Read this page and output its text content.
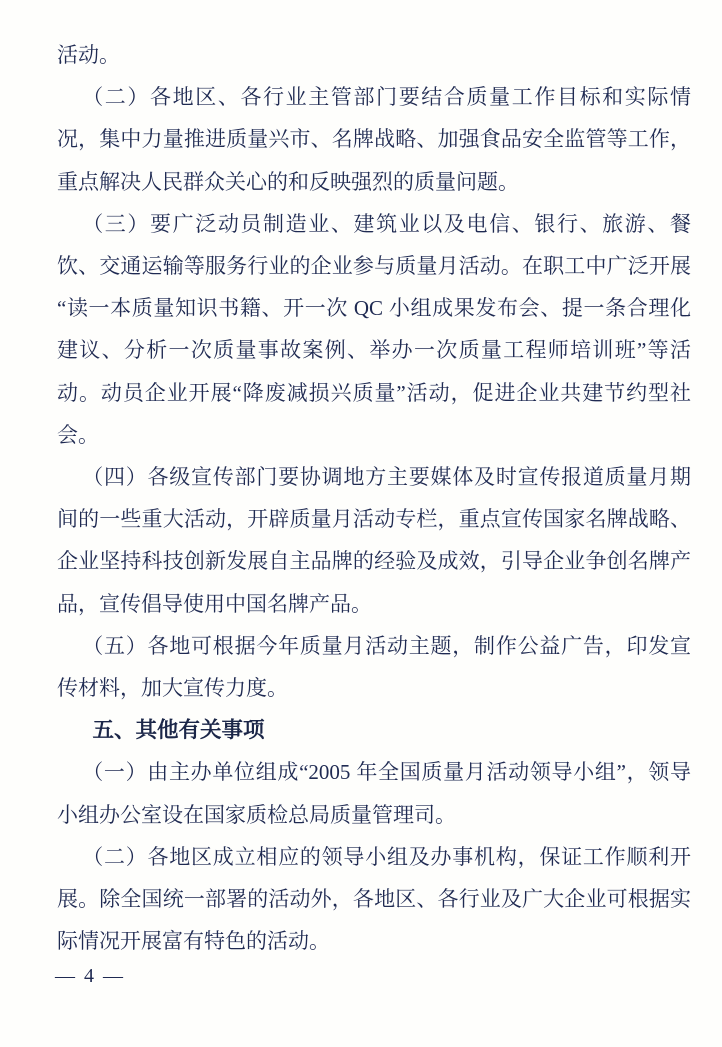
活动。

（二）各地区、各行业主管部门要结合质量工作目标和实际情况，集中力量推进质量兴市、名牌战略、加强食品安全监管等工作，重点解决人民群众关心的和反映强烈的质量问题。

（三）要广泛动员制造业、建筑业以及电信、银行、旅游、餐饮、交通运输等服务行业的企业参与质量月活动。在职工中广泛开展“读一本质量知识书籍、开一次 QC 小组成果发布会、提一条合理化建议、分析一次质量事故案例、举办一次质量工程师培训班”等活动。动员企业开展“降废减损兴质量”活动，促进企业共建节约型社会。

（四）各级宣传部门要协调地方主要媒体及时宣传报道质量月期间的一些重大活动，开辟质量月活动专栏，重点宣传国家名牌战略、企业坚持科技创新发展自主品牌的经验及成效，引导企业争创名牌产品，宣传倡导使用中国名牌产品。

（五）各地可根据今年质量月活动主题，制作公益广告，印发宣传材料，加大宣传力度。

五、其他有关事项

（一）由主办单位组成“2005 年全国质量月活动领导小组”，领导小组办公室设在国家质检总局质量管理司。

（二）各地区成立相应的领导小组及办事机构，保证工作顺利开展。除全国统一部署的活动外，各地区、各行业及广大企业可根据实际情况开展富有特色的活动。

— 4 —
